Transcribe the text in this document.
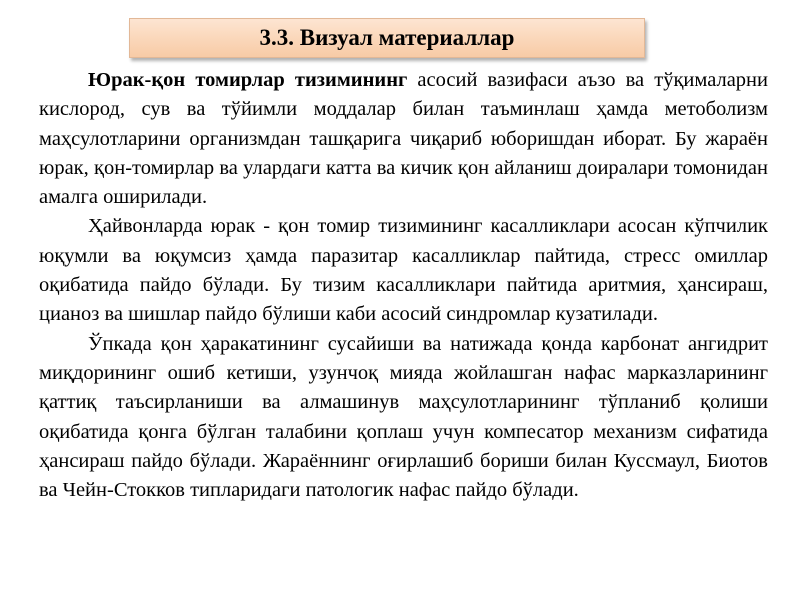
3.3. Визуал материаллар

Юрак-қон томирлар тизимининг асосий вазифаси аъзо ва тўқималарни кислород, сув ва тўйимли моддалар билан таъминлаш ҳамда метоболизм маҳсулотларини организмдан ташқарига чиқариб юборишдан иборат. Бу жараён юрак, қон-томирлар ва улардаги катта ва кичик қон айланиш доиралари томонидан амалга оширилади.

Ҳайвонларда юрак - қон томир тизимининг касалликлари асосан кўпчилик юқумли ва юқумсиз ҳамда паразитар касалликлар пайтида, стресс омиллар оқибатида пайдо бўлади. Бу тизим касалликлари пайтида аритмия, ҳансираш, цианоз ва шишлар пайдо бўлиши каби асосий синдромлар кузатилади.

Ўпкада қон ҳаракатининг сусайиши ва натижада қонда карбонат ангидрит миқдорининг ошиб кетиши, узунчоқ мияда жойлашган нафас марказларининг қаттиқ таъсирланиши ва алмашинув маҳсулотларининг тўпланиб қолиши оқибатида қонга бўлган талабини қоплаш учун компесатор механизм сифатида ҳансираш пайдо бўлади. Жараённинг оғирлашиб бориши билан Куссмаул, Биотов ва Чейн-Стокков типларидаги патологик нафас пайдо бўлади.
